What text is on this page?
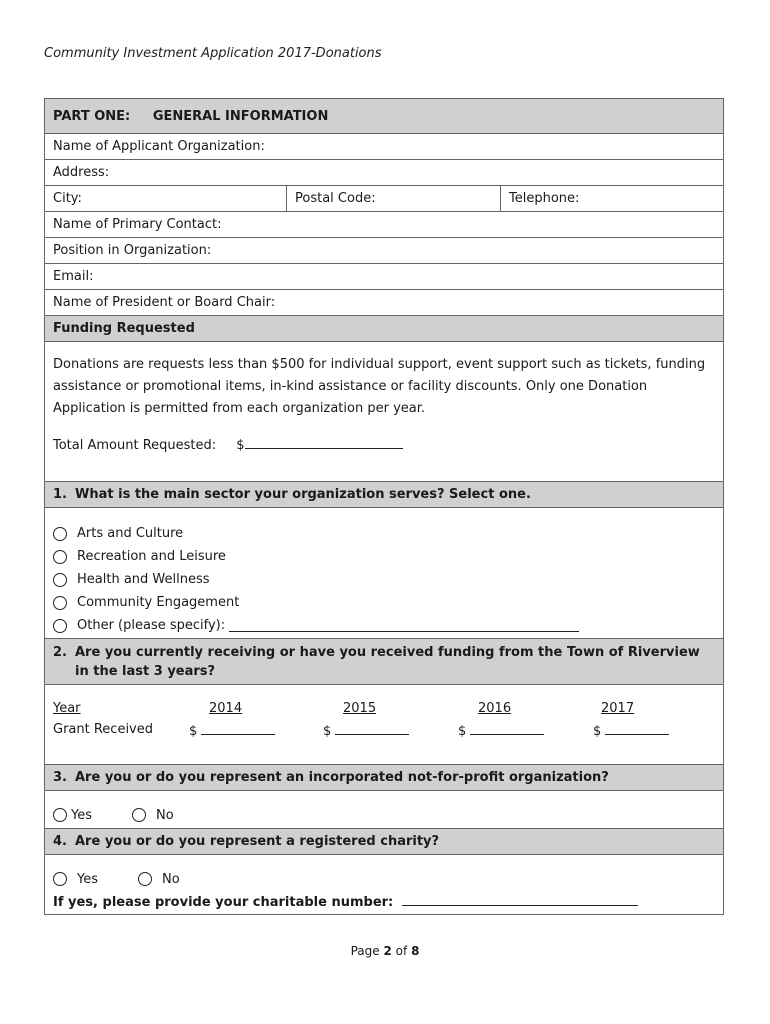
Community Investment Application 2017-Donations
PART ONE:     GENERAL INFORMATION
Name of Applicant Organization:
Address:
City:	Postal Code:	Telephone:
Name of Primary Contact:
Position in Organization:
Email:
Name of President or Board Chair:
Funding Requested

Donations are requests less than $500 for individual support, event support such as tickets, funding assistance or promotional items, in-kind assistance or facility discounts. Only one Donation Application is permitted from each organization per year.

Total Amount Requested: $
1. What is the main sector your organization serves? Select one.
Arts and Culture
Recreation and Leisure
Health and Wellness
Community Engagement
Other (please specify):
2. Are you currently receiving or have you received funding from the Town of Riverview in the last 3 years?
Year	2014	2015	2016	2017
Grant Received	$	$	$	$
3. Are you or do you represent an incorporated not-for-profit organization?
Yes	No
4. Are you or do you represent a registered charity?
Yes	No
If yes, please provide your charitable number:
Page 2 of 8
